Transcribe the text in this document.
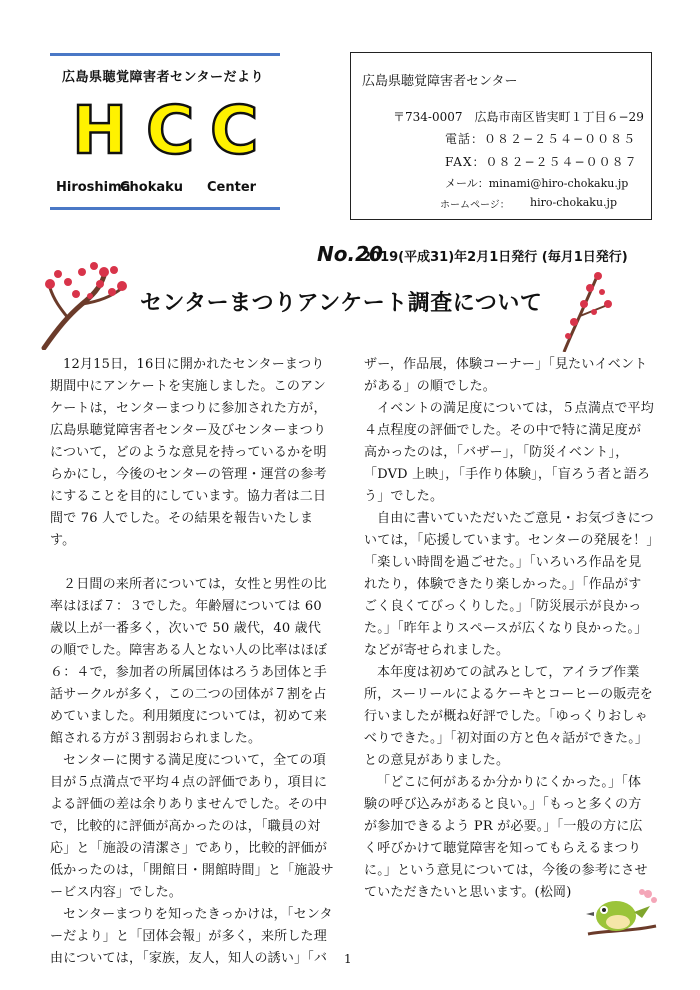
広島県聴覚障害者センターだより
H C C
Hiroshima
Chokaku Center
広島県聴覚障害者センター
〒734-0007　広島市南区皆実町１丁目６−29
電話：０８２−２５４−００８５
FAX：０８２−２５４−００８７
メール：minami@hiro-chokaku.jp
ホームページ： hiro-chokaku.jp
No.20
2019(平成31)年2月1日発行 (毎月1日発行)
センターまつりアンケート調査について

12月15日，16日に開かれたセンターまつり期間中にアンケートを実施しました。このアンケートは，センターまつりに参加された方が，広島県聴覚障害者センター及びセンターまつりについて，どのような意見を持っているかを明らかにし，今後のセンターの管理・運営の参考にすることを目的にしています。協力者は二日間で 76 人でした。その結果を報告いたします。

２日間の来所者については，女性と男性の比率はほぼ７：３でした。年齢層については 60 歳以上が一番多く，次いで 50 歳代，40 歳代の順でした。障害ある人とない人の比率はほぼ６：４で，参加者の所属団体はろうあ団体と手話サークルが多く，この二つの団体が７割を占めていました。利用頻度については，初めて来館される方が３割弱おられました。

センターに関する満足度について，全ての項目が５点満点で平均４点の評価であり，項目による評価の差は余りありませんでした。その中で，比較的に評価が高かったのは，「職員の対応」と「施設の清潔さ」であり，比較的評価が低かったのは，「開館日・開館時間」と「施設サービス内容」でした。

センターまつりを知ったきっかけは，「センターだより」と「団体会報」が多く，来所した理由については，「家族，友人，知人の誘い」「バ

ザー，作品展，体験コーナー」「見たいイベントがある」の順でした。

イベントの満足度については，５点満点で平均４点程度の評価でした。その中で特に満足度が高かったのは，「バザー」，「防災イベント」，「DVD 上映」，「手作り体験」，「盲ろう者と語ろう」でした。

自由に書いていただいたご意見・お気づきについては，「応援しています。センターの発展を！」「楽しい時間を過ごせた。」「いろいろ作品を見れたり，体験できたり楽しかった。」「作品がすごく良くてびっくりした。」「防災展示が良かった。」「昨年よりスペースが広くなり良かった。」などが寄せられました。

本年度は初めての試みとして，アイラブ作業所，スーリールによるケーキとコーヒーの販売を行いましたが概ね好評でした。「ゆっくりおしゃべりできた。」「初対面の方と色々話ができた。」との意見がありました。

「どこに何があるか分かりにくかった。」「体験の呼び込みがあると良い。」「もっと多くの方が参加できるよう PR が必要。」「一般の方に広く呼びかけて聴覚障害を知ってもらえるまつりに。」という意見については，今後の参考にさせていただきたいと思います。(松岡)

1
